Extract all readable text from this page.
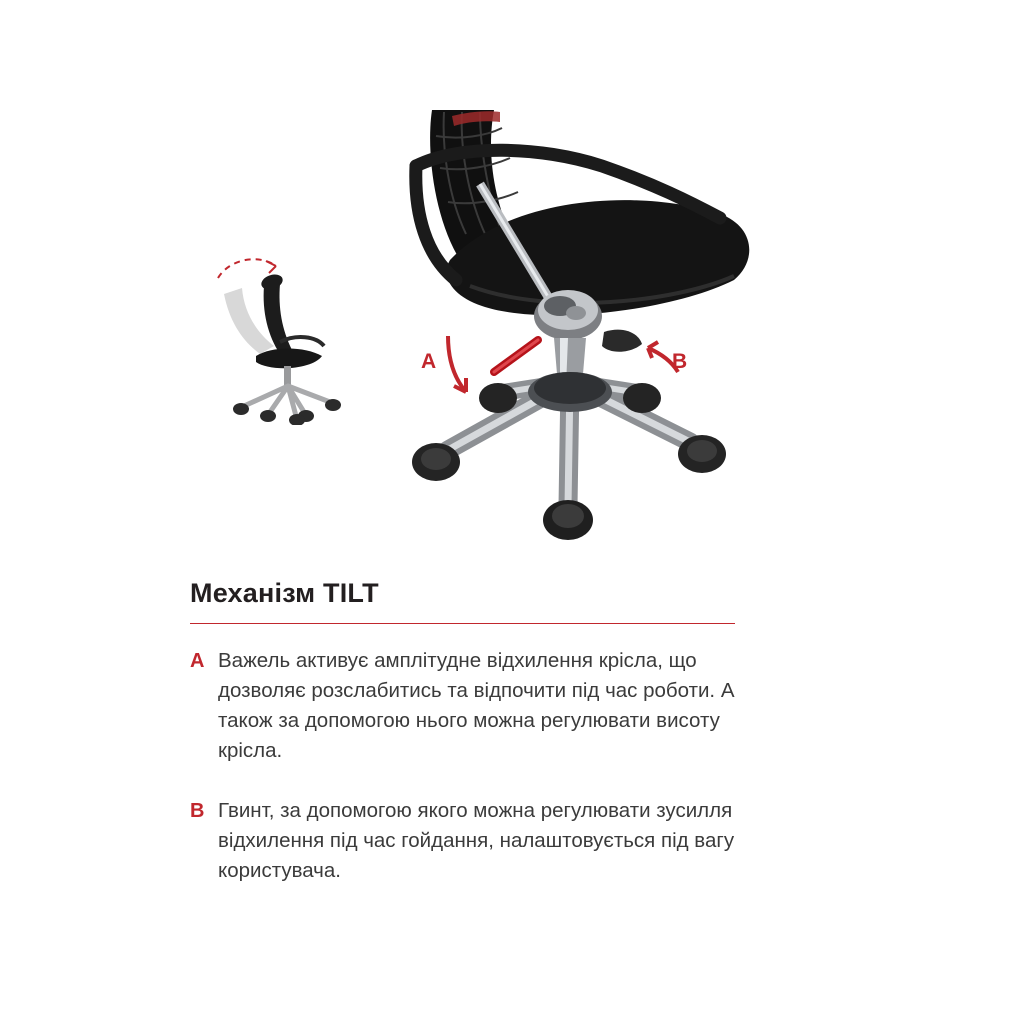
A	B
Механізм TILT
A Важель активує амплітудне відхилення крісла, що дозволяє розслабитись та відпочити під час роботи. А також за допомогою нього можна регулювати висоту крісла.
B Гвинт, за допомогою якого можна регулювати зусилля відхилення під час гойдання, налаштовується під вагу користувача.
